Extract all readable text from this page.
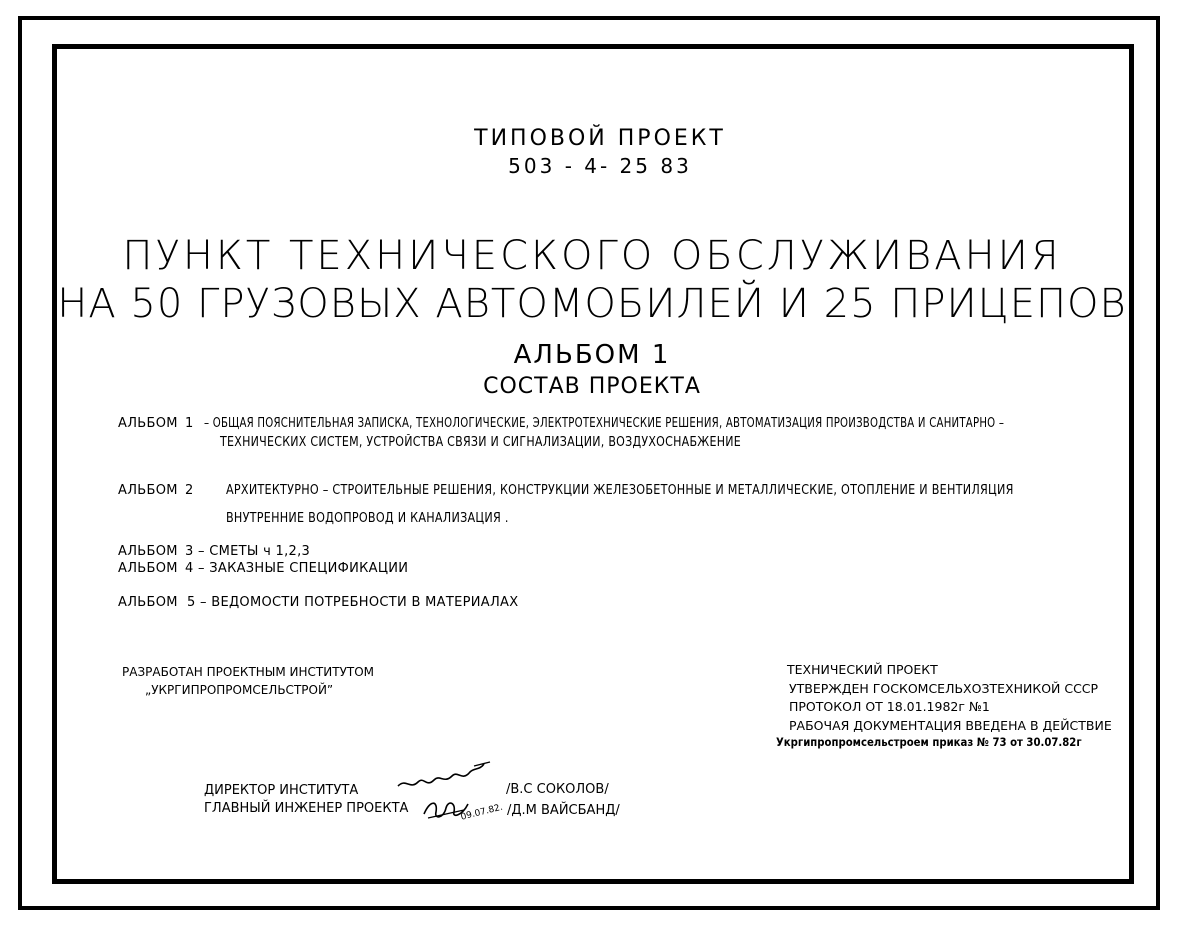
ТИПОВОЙ ПРОЕКТ
503 - 4- 25 83
ПУНКТ ТЕХНИЧЕСКОГО ОБСЛУЖИВАНИЯ
НА 50 ГРУЗОВЫХ АВТОМОБИЛЕЙ И 25 ПРИЦЕПОВ
АЛЬБОМ 1
СОСТАВ ПРОЕКТА
АЛЬБОМ 1 – ОБЩАЯ ПОЯСНИТЕЛЬНАЯ ЗАПИСКА, ТЕХНОЛОГИЧЕСКИЕ, ЭЛЕКТРОТЕХНИЧЕСКИЕ РЕШЕНИЯ, АВТОМАТИЗАЦИЯ ПРОИЗВОДСТВА И САНИТАРНО –
ТЕХНИЧЕСКИХ СИСТЕМ, УСТРОЙСТВА СВЯЗИ И СИГНАЛИЗАЦИИ, ВОЗДУХОСНАБЖЕНИЕ
АЛЬБОМ 2 АРХИТЕКТУРНО – СТРОИТЕЛЬНЫЕ РЕШЕНИЯ, КОНСТРУКЦИИ ЖЕЛЕЗОБЕТОННЫЕ И МЕТАЛЛИЧЕСКИЕ, ОТОПЛЕНИЕ И ВЕНТИЛЯЦИЯ
ВНУТРЕННИЕ ВОДОПРОВОД И КАНАЛИЗАЦИЯ .
АЛЬБОМ 3 – СМЕТЫ ч 1,2,3
АЛЬБОМ 4 – ЗАКАЗНЫЕ СПЕЦИФИКАЦИИ
АЛЬБОМ 5 – ВЕДОМОСТИ ПОТРЕБНОСТИ В МАТЕРИАЛАХ
РАЗРАБОТАН ПРОЕКТНЫМ ИНСТИТУТОМ
„УКРГИПРОПРОМСЕЛЬСТРОЙ”
ТЕХНИЧЕСКИЙ ПРОЕКТ
УТВЕРЖДЕН ГОСКОМСЕЛЬХОЗТЕХНИКОЙ СССР
ПРОТОКОЛ ОТ 18.01.1982г №1
РАБОЧАЯ ДОКУМЕНТАЦИЯ ВВЕДЕНА В ДЕЙСТВИЕ
Укргипропромсельстроем приказ № 73 от 30.07.82г
ДИРЕКТОР ИНСТИТУТА	/В.С СОКОЛОВ/
ГЛАВНЫЙ ИНЖЕНЕР ПРОЕКТА	09.07.82. /Д.М ВАЙСБАНД/
